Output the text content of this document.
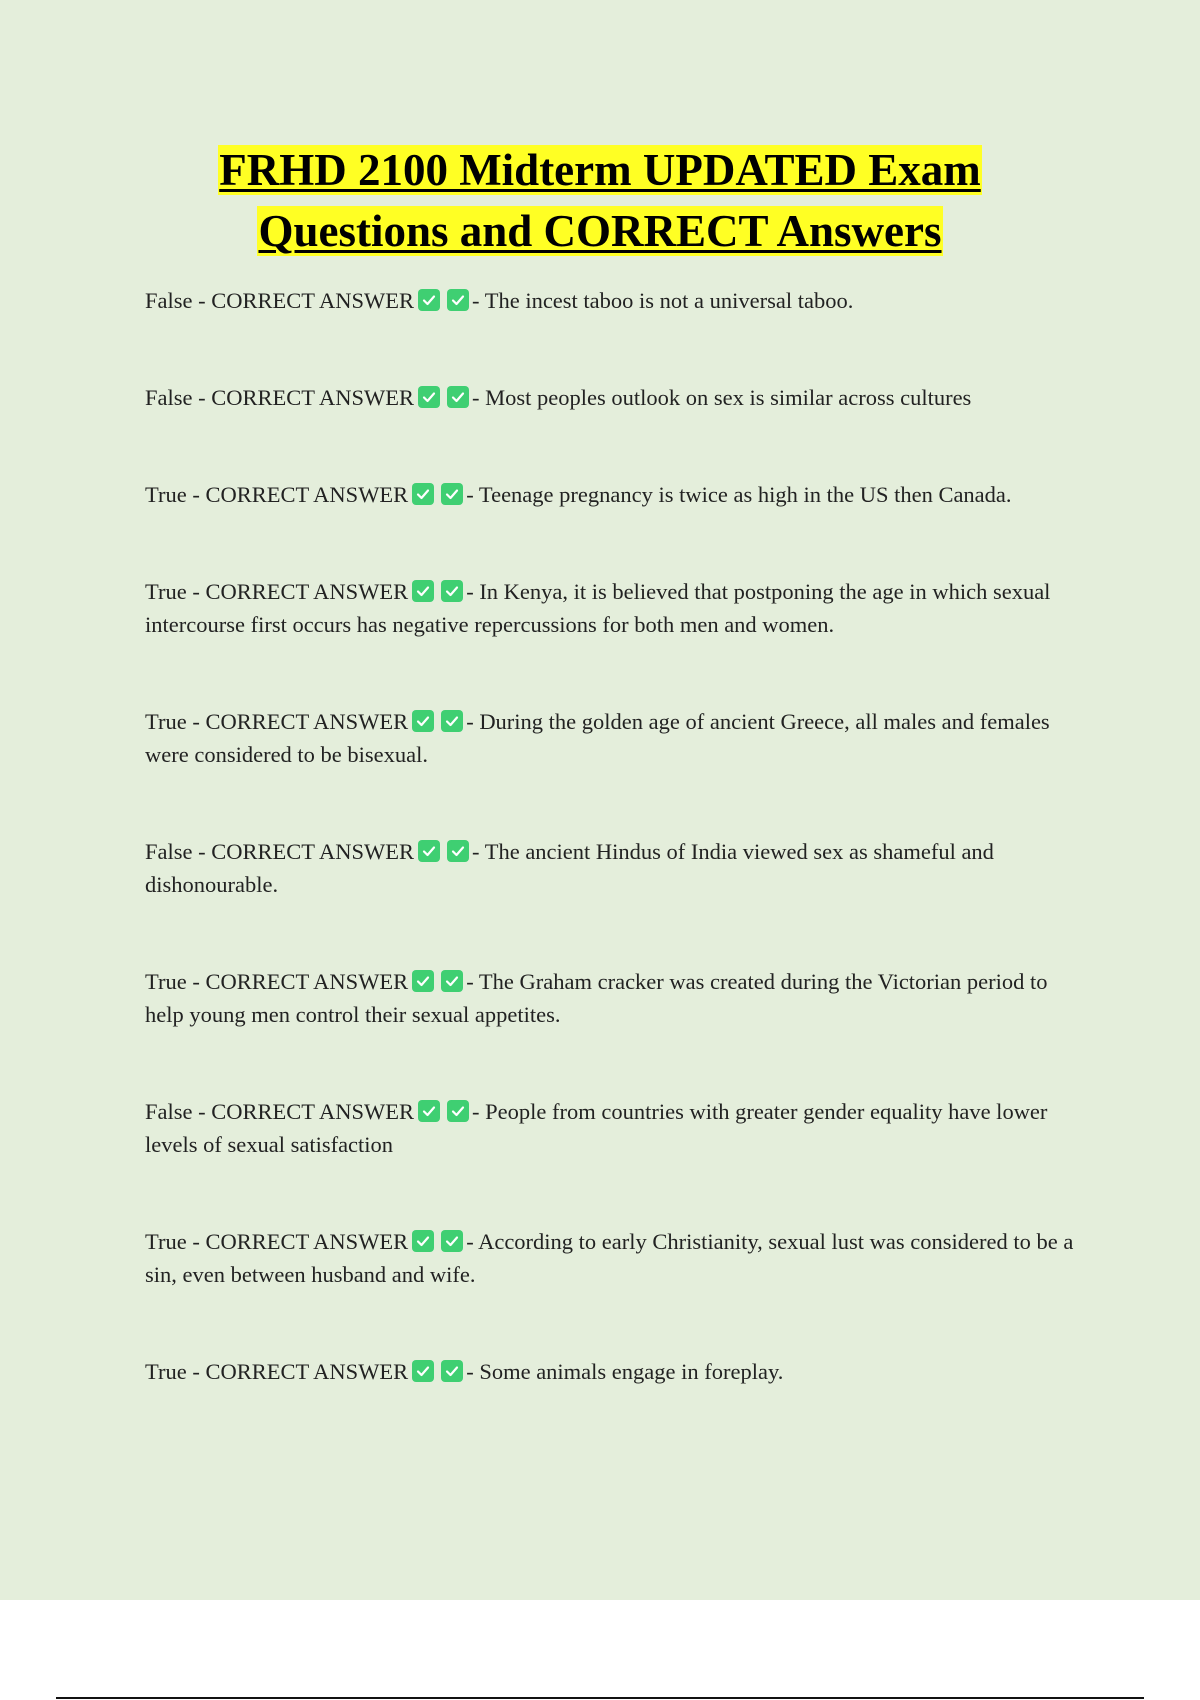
FRHD 2100 Midterm UPDATED Exam
Questions and CORRECT Answers

False - CORRECT ANSWER	- The incest taboo is not a universal taboo.

False - CORRECT ANSWER	- Most peoples outlook on sex is similar across cultures

True - CORRECT ANSWER	- Teenage pregnancy is twice as high in the US then Canada.

True - CORRECT ANSWER	- In Kenya, it is believed that postponing the age in which sexual intercourse first occurs has negative repercussions for both men and women.

True - CORRECT ANSWER	- During the golden age of ancient Greece, all males and females were considered to be bisexual.

False - CORRECT ANSWER	- The ancient Hindus of India viewed sex as shameful and dishonourable.

True - CORRECT ANSWER	- The Graham cracker was created during the Victorian period to help young men control their sexual appetites.

False - CORRECT ANSWER	- People from countries with greater gender equality have lower levels of sexual satisfaction

True - CORRECT ANSWER	- According to early Christianity, sexual lust was considered to be a sin, even between husband and wife.

True - CORRECT ANSWER	- Some animals engage in foreplay.
